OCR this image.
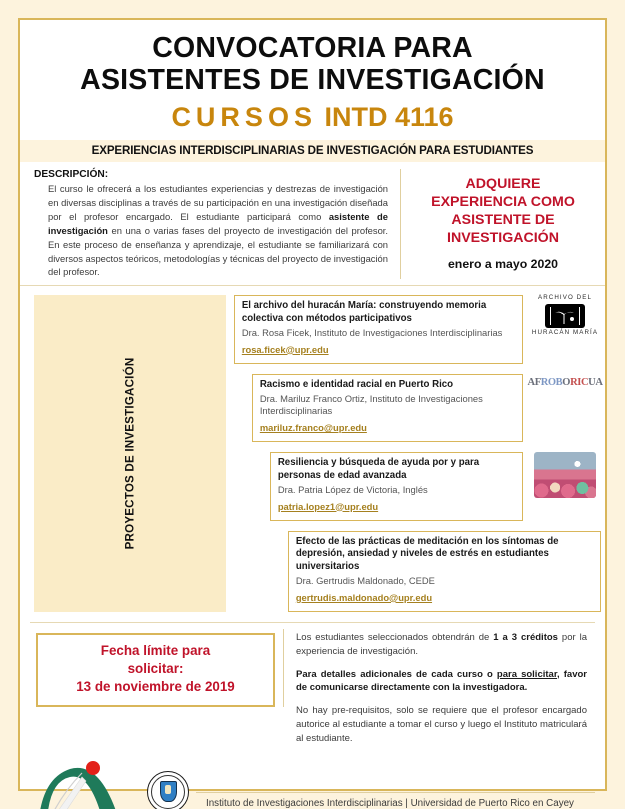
CONVOCATORIA PARA
ASISTENTES DE INVESTIGACIÓN
CURSOS INTD 4116
EXPERIENCIAS INTERDISCIPLINARIAS DE INVESTIGACIÓN PARA ESTUDIANTES
DESCRIPCIÓN:
El curso le ofrecerá a los estudiantes experiencias y destrezas de investigación en diversas disciplinas a través de su participación en una investigación diseñada por el profesor encargado. El estudiante participará como asistente de investigación en una o varias fases del proyecto de investigación del profesor. En este proceso de enseñanza y aprendizaje, el estudiante se familiarizará con diversos aspectos teóricos, metodologías y técnicas del proyecto de investigación del profesor.
ADQUIERE
EXPERIENCIA COMO
ASISTENTE DE
INVESTIGACIÓN
enero a mayo 2020
PROYECTOS DE INVESTIGACIÓN
El archivo del huracán María: construyendo memoria colectiva con métodos participativos
Dra. Rosa Ficek, Instituto de Investigaciones Interdisciplinarias
rosa.ficek@upr.edu
ARCHIVO DEL
HURACÁN MARÍA
Racismo e identidad racial en Puerto Rico
Dra. Mariluz Franco Ortiz, Instituto de Investigaciones Interdisciplinarias
mariluz.franco@upr.edu
AFROBORICUA
Resiliencia y búsqueda de ayuda por y para personas de edad avanzada
Dra. Patria López de Victoria, Inglés
patria.lopez1@upr.edu
Efecto de las prácticas de meditación en los síntomas de depresión, ansiedad y niveles de estrés en estudiantes universitarios
Dra. Gertrudis Maldonado, CEDE
gertrudis.maldonado@upr.edu
Fecha límite para
solicitar:
13 de noviembre de 2019

Los estudiantes seleccionados obtendrán de 1 a 3 créditos por la experiencia de investigación.

Para detalles adicionales de cada curso o para solicitar, favor de comunicarse directamente con la investigadora.

No hay pre-requisitos, solo se requiere que el profesor encargado autorice al estudiante a tomar el curso y luego el Instituto matriculará al estudiante.

Instituto de Investigaciones Interdisciplinarias | Universidad de Puerto Rico en Cayey
